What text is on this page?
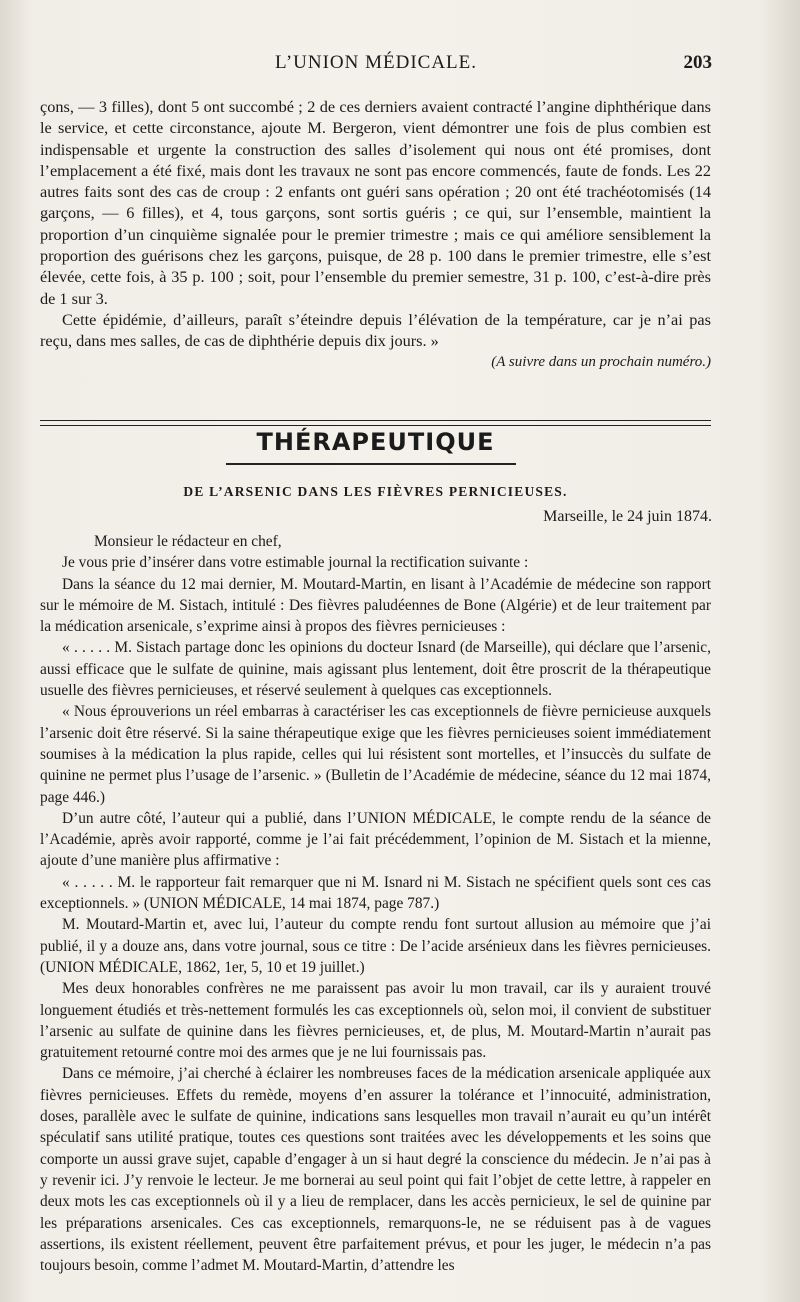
L’UNION MÉDICALE.	203

çons, — 3 filles), dont 5 ont succombé ; 2 de ces derniers avaient contracté l’angine diphthérique dans le service, et cette circonstance, ajoute M. Bergeron, vient démontrer une fois de plus combien est indispensable et urgente la construction des salles d’isolement qui nous ont été promises, dont l’emplacement a été fixé, mais dont les travaux ne sont pas encore commencés, faute de fonds. Les 22 autres faits sont des cas de croup : 2 enfants ont guéri sans opération ; 20 ont été trachéotomisés (14 garçons, — 6 filles), et 4, tous garçons, sont sortis guéris ; ce qui, sur l’ensemble, maintient la proportion d’un cinquième signalée pour le premier trimestre ; mais ce qui améliore sensiblement la proportion des guérisons chez les garçons, puisque, de 28 p. 100 dans le premier trimestre, elle s’est élevée, cette fois, à 35 p. 100 ; soit, pour l’ensemble du premier semestre, 31 p. 100, c’est-à-dire près de 1 sur 3.

Cette épidémie, d’ailleurs, paraît s’éteindre depuis l’élévation de la température, car je n’ai pas reçu, dans mes salles, de cas de diphthérie depuis dix jours. »

(A suivre dans un prochain numéro.)

THÉRAPEUTIQUE
DE L’ARSENIC DANS LES FIÈVRES PERNICIEUSES.
Marseille, le 24 juin 1874.

Monsieur le rédacteur en chef,

Je vous prie d’insérer dans votre estimable journal la rectification suivante :

Dans la séance du 12 mai dernier, M. Moutard-Martin, en lisant à l’Académie de médecine son rapport sur le mémoire de M. Sistach, intitulé : Des fièvres paludéennes de Bone (Algérie) et de leur traitement par la médication arsenicale, s’exprime ainsi à propos des fièvres pernicieuses :

« . . . . . M. Sistach partage donc les opinions du docteur Isnard (de Marseille), qui déclare que l’arsenic, aussi efficace que le sulfate de quinine, mais agissant plus lentement, doit être proscrit de la thérapeutique usuelle des fièvres pernicieuses, et réservé seulement à quelques cas exceptionnels.

« Nous éprouverions un réel embarras à caractériser les cas exceptionnels de fièvre pernicieuse auxquels l’arsenic doit être réservé. Si la saine thérapeutique exige que les fièvres pernicieuses soient immédiatement soumises à la médication la plus rapide, celles qui lui résistent sont mortelles, et l’insuccès du sulfate de quinine ne permet plus l’usage de l’arsenic. » (Bulletin de l’Académie de médecine, séance du 12 mai 1874, page 446.)

D’un autre côté, l’auteur qui a publié, dans l’UNION MÉDICALE, le compte rendu de la séance de l’Académie, après avoir rapporté, comme je l’ai fait précédemment, l’opinion de M. Sistach et la mienne, ajoute d’une manière plus affirmative :

« . . . . . M. le rapporteur fait remarquer que ni M. Isnard ni M. Sistach ne spécifient quels sont ces cas exceptionnels. » (UNION MÉDICALE, 14 mai 1874, page 787.)

M. Moutard-Martin et, avec lui, l’auteur du compte rendu font surtout allusion au mémoire que j’ai publié, il y a douze ans, dans votre journal, sous ce titre : De l’acide arsénieux dans les fièvres pernicieuses. (UNION MÉDICALE, 1862, 1er, 5, 10 et 19 juillet.)

Mes deux honorables confrères ne me paraissent pas avoir lu mon travail, car ils y auraient trouvé longuement étudiés et très-nettement formulés les cas exceptionnels où, selon moi, il convient de substituer l’arsenic au sulfate de quinine dans les fièvres pernicieuses, et, de plus, M. Moutard-Martin n’aurait pas gratuitement retourné contre moi des armes que je ne lui fournissais pas.

Dans ce mémoire, j’ai cherché à éclairer les nombreuses faces de la médication arsenicale appliquée aux fièvres pernicieuses. Effets du remède, moyens d’en assurer la tolérance et l’innocuité, administration, doses, parallèle avec le sulfate de quinine, indications sans lesquelles mon travail n’aurait eu qu’un intérêt spéculatif sans utilité pratique, toutes ces questions sont traitées avec les développements et les soins que comporte un aussi grave sujet, capable d’engager à un si haut degré la conscience du médecin. Je n’ai pas à y revenir ici. J’y renvoie le lecteur. Je me bornerai au seul point qui fait l’objet de cette lettre, à rappeler en deux mots les cas exceptionnels où il y a lieu de remplacer, dans les accès pernicieux, le sel de quinine par les préparations arsenicales. Ces cas exceptionnels, remarquons-le, ne se réduisent pas à de vagues assertions, ils existent réellement, peuvent être parfaitement prévus, et pour les juger, le médecin n’a pas toujours besoin, comme l’admet M. Moutard-Martin, d’attendre les
